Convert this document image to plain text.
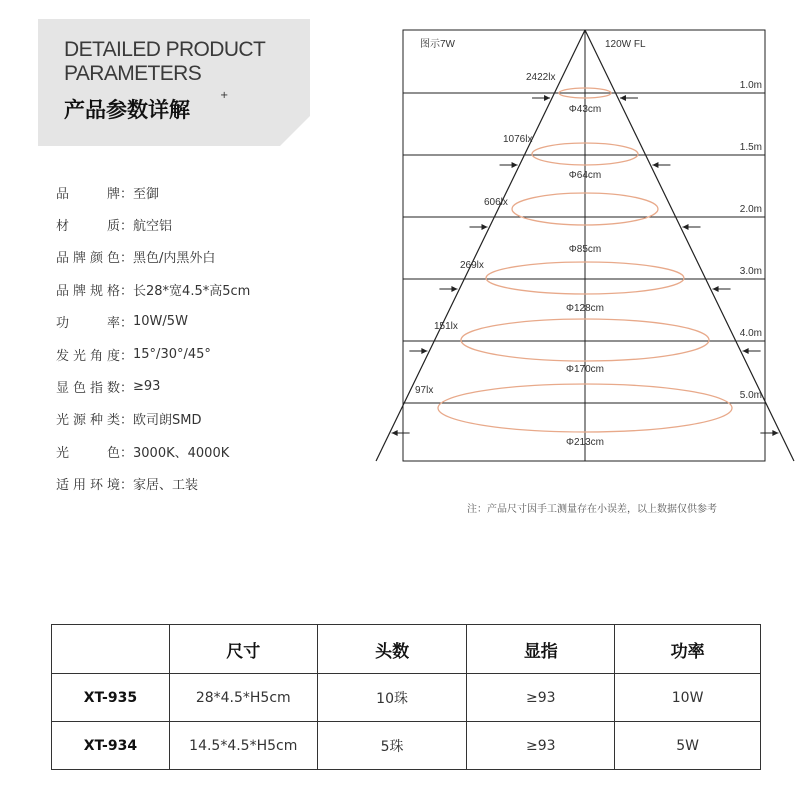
DETAILED PRODUCT
PARAMETERS
产品参数详解
+
品牌 ： 至御
材质 ： 航空铝
品牌颜色 ： 黑色/内黑外白
品牌规格 ： 长28*宽4.5*高5cm
功率 ： 10W/5W
发光角度 ： 15°/30°/45°
显色指数 ： ≥93
光源种类 ： 欧司朗SMD
光色 ： 3000K、4000K
适用环境 ： 家居、工装
图示7W	120W FL
1.0m
2422lx
Φ43cm
1.5m
1076lx
Φ64cm
2.0m
606lx
Φ85cm
3.0m
269lx
Φ128cm
4.0m
151lx
Φ170cm
5.0m
97lx
Φ213cm
注：产品尺寸因手工测量存在小误差，以上数据仅供参考
	尺寸	头数	显指	功率
XT-935	28*4.5*H5cm	10珠	≥93	10W
XT-934	14.5*4.5*H5cm	5珠	≥93	5W
